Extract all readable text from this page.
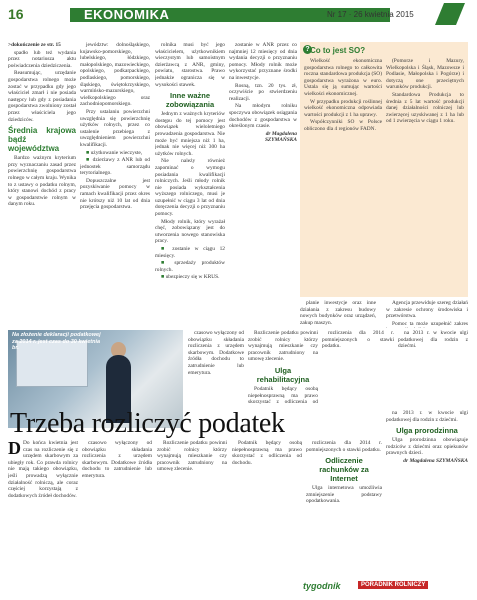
16	EKONOMIKA	Nr 17 · 26 kwietnia 2015

>dokończenie ze str. 15

spadło lub też wydania przez notariusza aktu poświadczenia dziedziczenia.

Reasumując, urzędanie gospodarstwa rolnego może zostać w przypadku gdy jego właściciel zmarł i nie posiada następcy lub gdy z posiadania gospodarstwa zwolniony został przez właściciela jego dziedziców.

Średnia krajowa bądź województwa

Bardzo ważnym kryterium przy wyznaczaniu zasad przez powierzchnię gospodarstwa rolnego w całym kraju. Wynika to z ustawy o podatku rolnym, który stanowi dochód z pracy w gospodarstwie rolnym w danym roku.

jewództw: dolnośląskiego, kujawsko-pomorskiego, lubelskiego, łódzkiego, małopolskiego, mazowieckiego, opolskiego, podkarpackiego, podlaskiego, pomorskiego, śląskiego, świętokrzyskiego, warmińsko-mazurskiego, wielkopolskiego oraz zachodniopomorskiego.

Przy ustalaniu powierzchni uwzględnia się powierzchnię użytków rolnych, przez co ustalenie przebiega z uwzględnieniem powierzchni kwalifikacji.

■ użytkowanie wieczyste,

■ dzierżawy z ANR lub od jednostek samorządu terytorialnego.

Dopuszczalne jest pozyskiwanie pomocy w ramach kwalifikacji przez okres nie krótszy niż 10 lat od dnia przejęcia gospodarstwa.

rolnika musi być jego właścicielem, użytkownikiem wieczystym lub samoistnym dzierżawcą z ANR, gminy, powiatu, starostwa. Prawo jednakże ogranicza się w wysokości stawek.

Inne ważne zobowiązania

Jednym z ważnych kryteriów dostępu do tej pomocy jest obowiązek wieloletniego prowadzenia gospodarstwa. Nie może być mniejsza niż 1 ha, jednak nie więcej niż 300 ha użytków rolnych.

Nie należy również zapominać o wymogu posiadania kwalifikacji rolniczych. Jeśli młody rolnik nie posiada wykształcenia wyższego rolniczego, musi je uzupełnić w ciągu 3 lat od dnia doręczenia decyzji o przyznaniu pomocy.

Młody rolnik, który wyrażał chęć, zobowiązany jest do utworzenia nowego stanowiska pracy.

■ zostanie w ciągu 12 miesięcy.

■ sprzedaży produktów rolnych.

■ ubezpieczy się w KRUS.

zostanie w ANR przez co najmniej 12 miesięcy od dnia wydania decyzji o przyznaniu pomocy. Młody rolnik może wykorzystać przyznane środki na inwestycje.

Rosną, tzn. 20 tys. zł, oczywiście po stwierdzeniu realizacji.

Na młodym rolniku spoczywa obowiązek osiągania dochodów z gospodarstwa w określonym czasie.

dr Magdalena SZYMAŃSKA

? Co to jest SO?

Wielkość ekonomiczna gospodarstwa rolnego to całkowita roczna standardowa produkcja (SO) gospodarstwa wyrażona w euro. Ustala się ją sumując wartości wielkości ekonomicznej.

W przypadku produkcji roślinnej wielkość ekonomiczna odpowiada wartości produkcji z 1 ha uprawy.

Współczynniki SO w Polsce obliczono dla 4 regionów FADN.

(Pomorze i Mazury, Wielkopolska i Śląsk, Mazowsze i Podlasie, Małopolska i Pogórze) i dotyczą one przeciętnych warunków produkcji.

Standardowa Produkcja to średnia z 5 lat wartość produkcji danej działalności rolniczej lub zwierzęcej uzyskiwanej z 1 ha lub od 1 zwierzęcia w ciągu 1 roku.

planie inwestycje oraz inne działania z zakresu budowy nowych budynków oraz urządzeń, zakup maszyn.

Agencja przewiduje szereg działań w zakresie ochrony środowiska i przetwórstwa.

Pomoc ta może uzupełnić zakres

Na złożenie deklaracji podatkowej za 2014 r. jest czas do 30 kwietnia br.

czasowo wyłączony od obowiązku składania rozliczenia z urzędem skarbowym. Dodatkowe źródła dochodu to zatrudnienie lub emerytura.

Rozliczenie podatku powinni zrobić rolnicy którzy wynajmują mieszkanie czy pracownik zatrudniony na umowę zlecenie.

Ulga rehabilitacyjna

Podatnik będący osobą niepełnosprawną ma prawo skorzystać z odliczenia od

rozliczenia dla 2014 r. pomniejszonych o stawki podatku.

na 2013 r. w kwocie ulgi podatkowej dla rodzin z dziećmi.

Trzeba rozliczyć podatek

D Do końca kwietnia jest czas na rozliczenie się z urzędem skarbowym za ubiegły rok. Co prawda rolnicy nie mają takiego obowiązku, jeśli prowadzą wyłącznie działalność rolniczą, ale coraz częściej korzystają z dodatkowych źródeł dochodów.

czasowo wyłączony od obowiązku składania rozliczenia z urzędem skarbowym. Dodatkowe źródła dochodu to zatrudnienie lub emerytura.

Rozliczenie podatku powinni zrobić rolnicy którzy wynajmują mieszkanie czy pracownik zatrudniony na umowę zlecenie.

Podatnik będący osobą niepełnosprawną ma prawo skorzystać z odliczenia od dochodu.

rozliczenia dla 2014 r. pomniejszonych o stawki podatku.

Odliczenie rachunków za Internet

Ulga internetowa umożliwia zmniejszenie podstawy opodatkowania.

na 2013 r. w kwocie ulgi podatkowej dla rodzin z dziećmi.

Ulga prorodzinna

Ulga prorodzinna obowiązuje rodziców z dziećmi oraz opiekunów prawnych dzieci.

dr Magdalena SZYMAŃSKA

tygodnik	PORADNIK ROLNICZY
